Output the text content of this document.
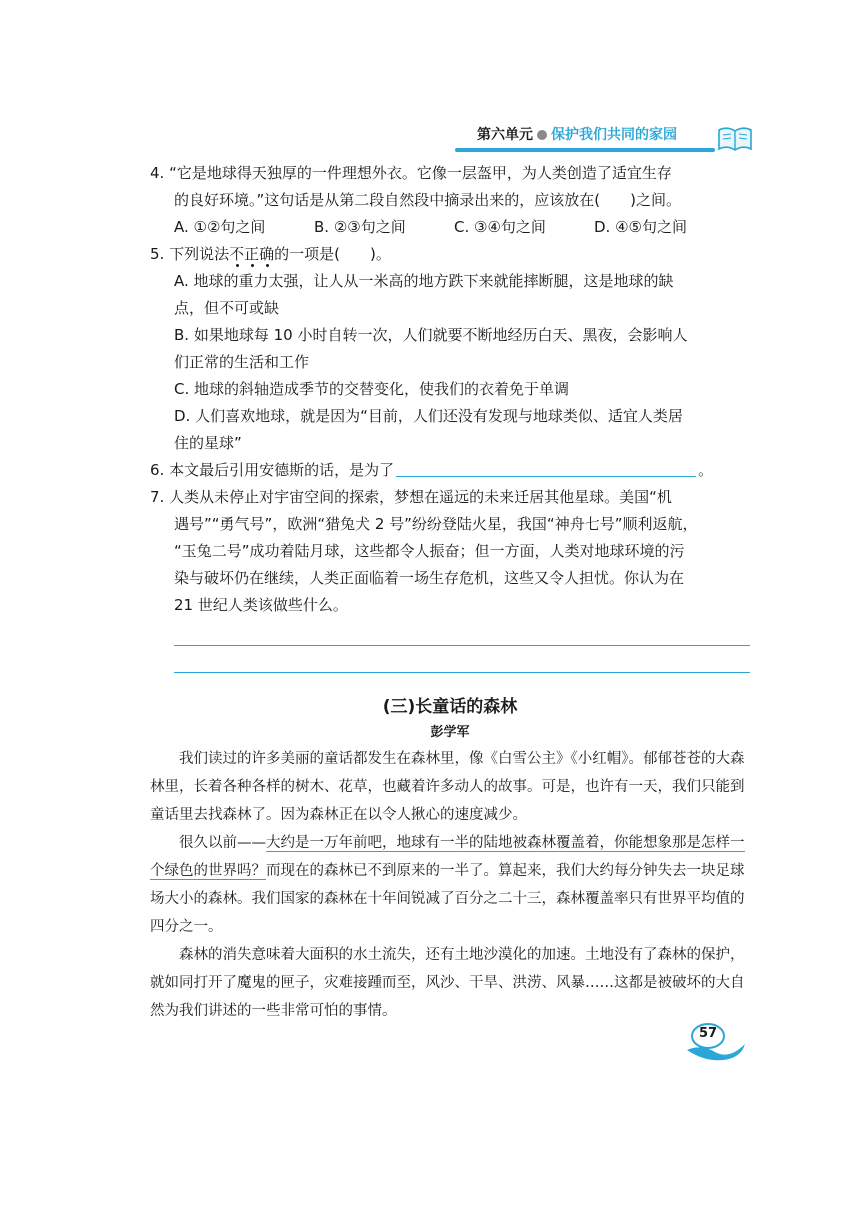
第六单元 保护我们共同的家园

4. “它是地球得天独厚的一件理想外衣。它像一层盔甲，为人类创造了适宜生存

的良好环境。”这句话是从第二段自然段中摘录出来的，应该放在(　　)之间。

A. ①②句之间	B. ②③句之间	C. ③④句之间	D. ④⑤句之间

5. 下列说法不正确的一项是(　　)。

A. 地球的重力太强，让人从一米高的地方跌下来就能摔断腿，这是地球的缺

点，但不可或缺

B. 如果地球每 10 小时自转一次，人们就要不断地经历白天、黑夜，会影响人

们正常的生活和工作

C. 地球的斜轴造成季节的交替变化，使我们的衣着免于单调

D. 人们喜欢地球，就是因为“目前，人们还没有发现与地球类似、适宜人类居

住的星球”

6. 本文最后引用安德斯的话，是为了	。

7. 人类从未停止对宇宙空间的探索，梦想在遥远的未来迁居其他星球。美国“机

遇号”“勇气号”，欧洲“猎兔犬 2 号”纷纷登陆火星，我国“神舟七号”顺利返航，

“玉兔二号”成功着陆月球，这些都令人振奋；但一方面，人类对地球环境的污

染与破坏仍在继续，人类正面临着一场生存危机，这些又令人担忧。你认为在

21 世纪人类该做些什么。

(三)长童话的森林
彭学军

我们读过的许多美丽的童话都发生在森林里，像《白雪公主》《小红帽》。郁郁苍苍的大森林里，长着各种各样的树木、花草，也藏着许多动人的故事。可是，也许有一天，我们只能到童话里去找森林了。因为森林正在以令人揪心的速度减少。

很久以前——大约是一万年前吧，地球有一半的陆地被森林覆盖着，你能想象那是怎样一个绿色的世界吗？而现在的森林已不到原来的一半了。算起来，我们大约每分钟失去一块足球场大小的森林。我们国家的森林在十年间锐减了百分之二十三，森林覆盖率只有世界平均值的四分之一。

森林的消失意味着大面积的水土流失，还有土地沙漠化的加速。土地没有了森林的保护，就如同打开了魔鬼的匣子，灾难接踵而至，风沙、干旱、洪涝、风暴……这都是被破坏的大自然为我们讲述的一些非常可怕的事情。

57
